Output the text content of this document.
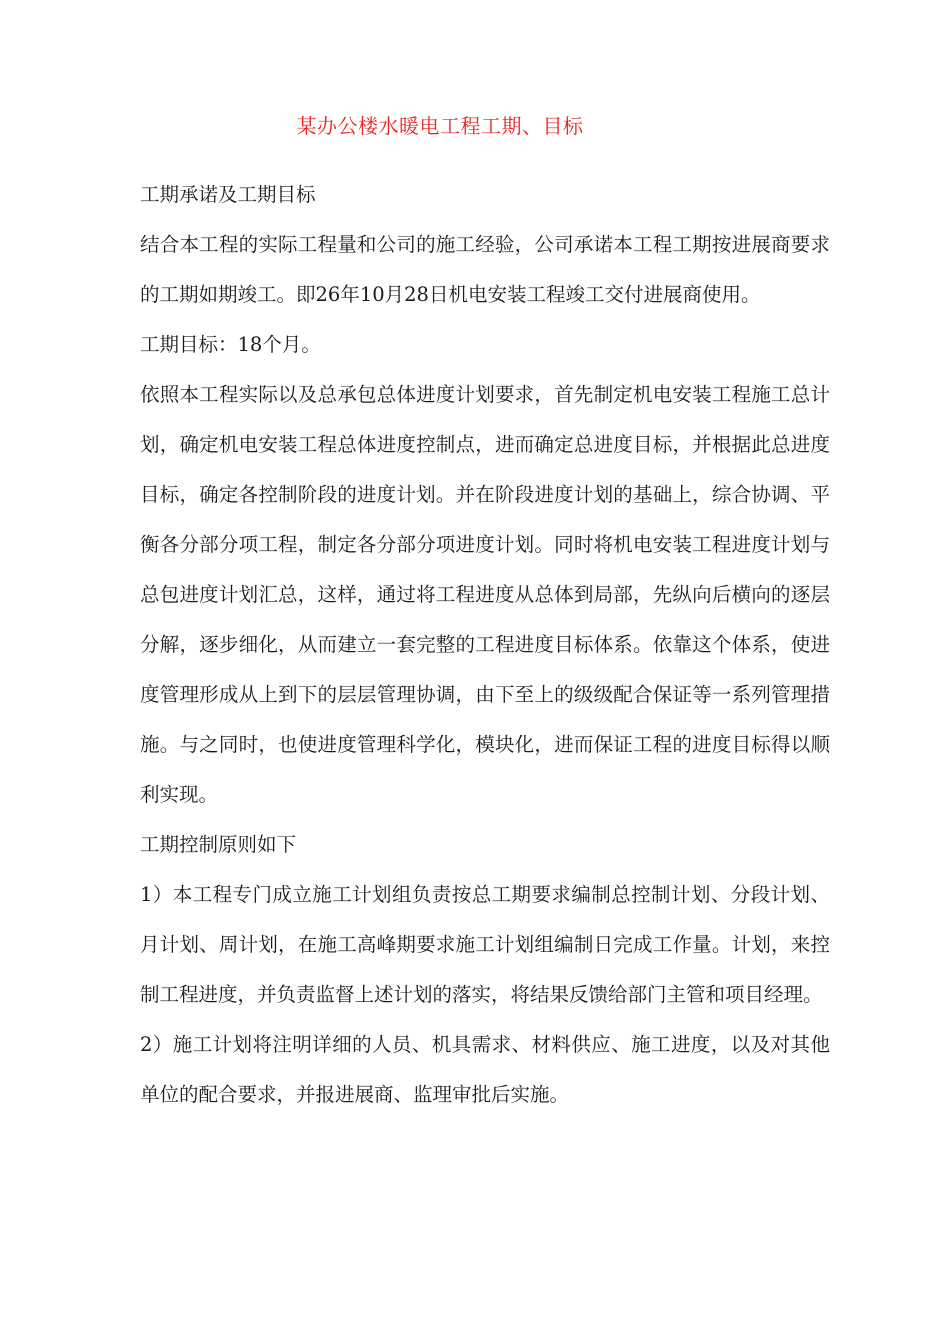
某办公楼水暖电工程工期、目标

工期承诺及工期目标

结合本工程的实际工程量和公司的施工经验，公司承诺本工程工期按进展商要求的工期如期竣工。即26年10月28日机电安装工程竣工交付进展商使用。

工期目标：18个月。

依照本工程实际以及总承包总体进度计划要求，首先制定机电安装工程施工总计划，确定机电安装工程总体进度控制点，进而确定总进度目标，并根据此总进度目标，确定各控制阶段的进度计划。并在阶段进度计划的基础上，综合协调、平衡各分部分项工程，制定各分部分项进度计划。同时将机电安装工程进度计划与总包进度计划汇总，这样，通过将工程进度从总体到局部，先纵向后横向的逐层分解，逐步细化，从而建立一套完整的工程进度目标体系。依靠这个体系，使进度管理形成从上到下的层层管理协调，由下至上的级级配合保证等一系列管理措施。与之同时，也使进度管理科学化，模块化，进而保证工程的进度目标得以顺利实现。

工期控制原则如下

1）本工程专门成立施工计划组负责按总工期要求编制总控制计划、分段计划、月计划、周计划，在施工高峰期要求施工计划组编制日完成工作量。计划，来控制工程进度，并负责监督上述计划的落实，将结果反馈给部门主管和项目经理。

2）施工计划将注明详细的人员、机具需求、材料供应、施工进度，以及对其他单位的配合要求，并报进展商、监理审批后实施。
